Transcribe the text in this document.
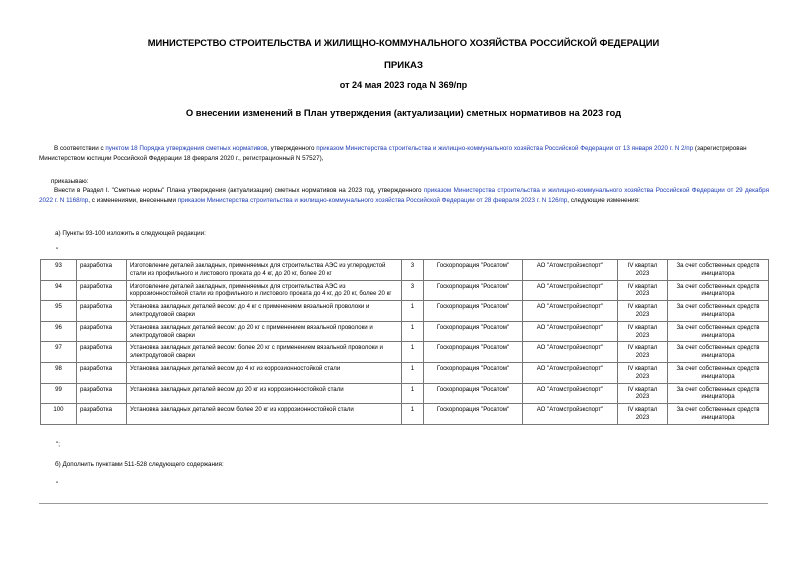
МИНИСТЕРСТВО СТРОИТЕЛЬСТВА И ЖИЛИЩНО-КОММУНАЛЬНОГО ХОЗЯЙСТВА РОССИЙСКОЙ ФЕДЕРАЦИИ
ПРИКАЗ
от 24 мая 2023 года N 369/пр
О внесении изменений в План утверждения (актуализации) сметных нормативов на 2023 год
В соответствии с пунктом 18 Порядка утверждения сметных нормативов, утвержденного приказом Министерства строительства и жилищно-коммунального хозяйства Российской Федерации от 13 января 2020 г. N 2/пр (зарегистрирован Министерством юстиции Российской Федерации 18 февраля 2020 г., регистрационный N 57527),
приказываю:
Внести в Раздел I. "Сметные нормы" Плана утверждения (актуализации) сметных нормативов на 2023 год, утвержденного приказом Министерства строительства и жилищно-коммунального хозяйства Российской Федерации от 29 декабря 2022 г. N 1168/пр, с изменениями, внесенными приказом Министерства строительства и жилищно-коммунального хозяйства Российской Федерации от 28 февраля 2023 г. N 126/пр, следующие изменения:
а) Пункты 93-100 изложить в следующей редакции:
"
93	разработка	Изготовление деталей закладных, применяемых для строительства АЭС из углеродистой стали из профильного и листового проката до 4 кг, до 20 кг, более 20 кг	3	Госкорпорация "Росатом"	АО "Атомстройэкспорт"	IV квартал 2023	За счет собственных средств инициатора
94	разработка	Изготовление деталей закладных, применяемых для строительства АЭС из коррозионностойкой стали из профильного и листового проката до 4 кг, до 20 кг, более 20 кг	3	Госкорпорация "Росатом"	АО "Атомстройэкспорт"	IV квартал 2023	За счет собственных средств инициатора
95	разработка	Установка закладных деталей весом: до 4 кг с применением вязальной проволоки и электродуговой сварки	1	Госкорпорация "Росатом"	АО "Атомстройэкспорт"	IV квартал 2023	За счет собственных средств инициатора
96	разработка	Установка закладных деталей весом: до 20 кг с применением вязальной проволоки и электродуговой сварки	1	Госкорпорация "Росатом"	АО "Атомстройэкспорт"	IV квартал 2023	За счет собственных средств инициатора
97	разработка	Установка закладных деталей весом: более 20 кг с применением вязальной проволоки и электродуговой сварки	1	Госкорпорация "Росатом"	АО "Атомстройэкспорт"	IV квартал 2023	За счет собственных средств инициатора
98	разработка	Установка закладных деталей весом до 4 кг из коррозионностойкой стали	1	Госкорпорация "Росатом"	АО "Атомстройэкспорт"	IV квартал 2023	За счет собственных средств инициатора
99	разработка	Установка закладных деталей весом до 20 кг из коррозионностойкой стали	1	Госкорпорация "Росатом"	АО "Атомстройэкспорт"	IV квартал 2023	За счет собственных средств инициатора
100	разработка	Установка закладных деталей весом более 20 кг из коррозионностойкой стали	1	Госкорпорация "Росатом"	АО "Атомстройэкспорт"	IV квартал 2023	За счет собственных средств инициатора
";
б) Дополнить пунктами 511-528 следующего содержания:
"
